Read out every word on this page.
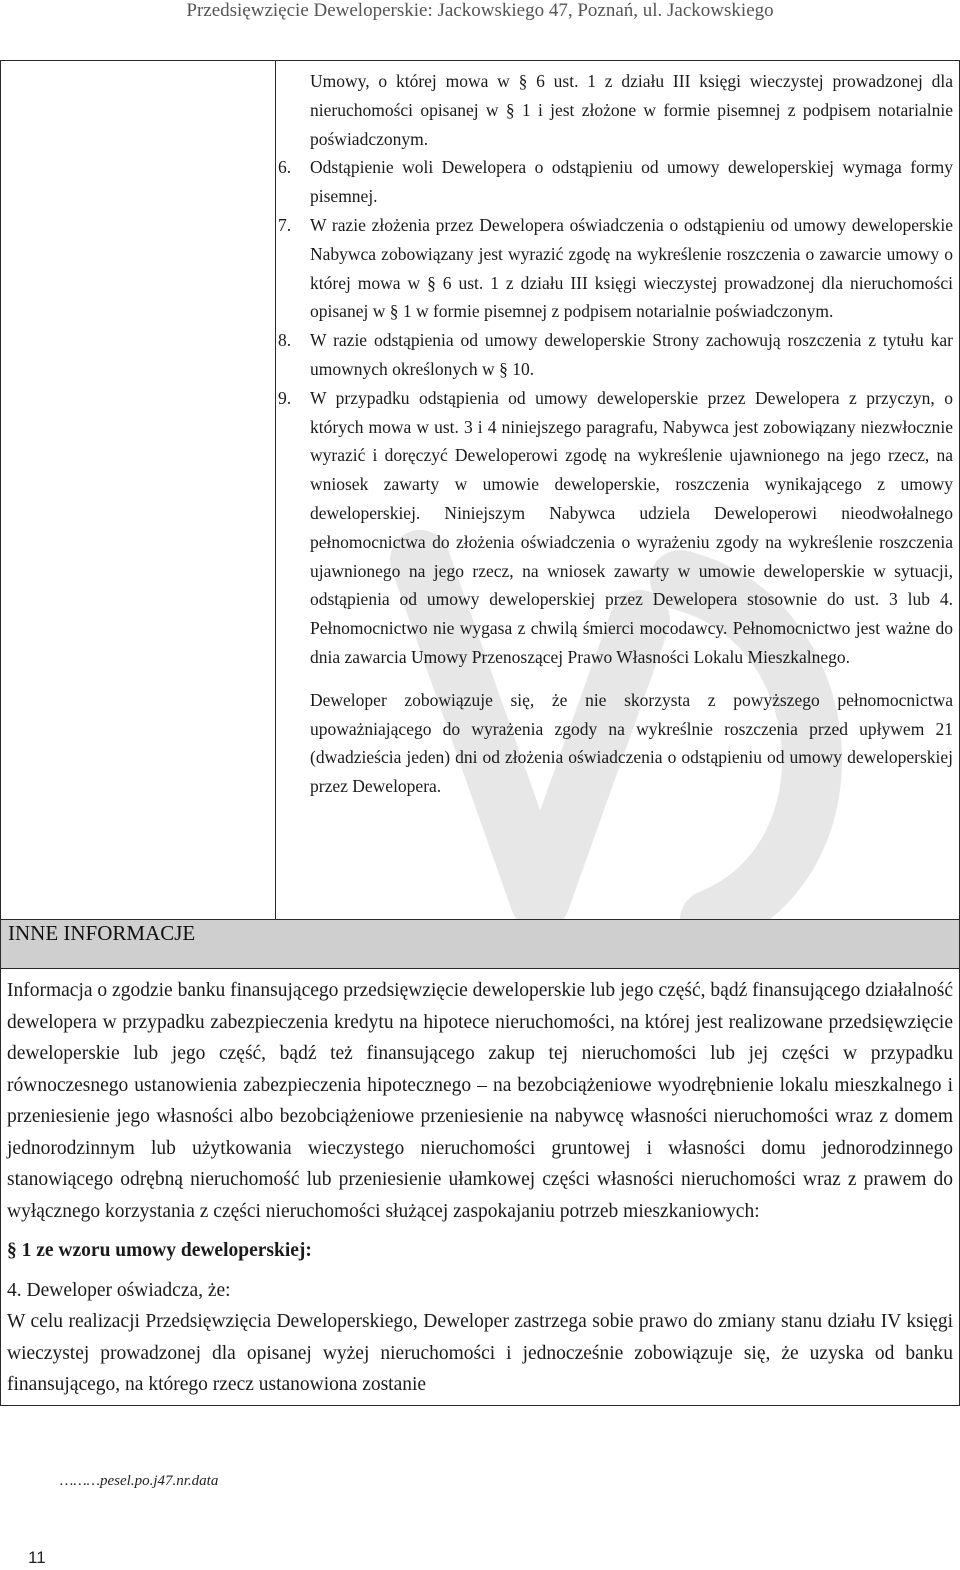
Przedsięwzięcie Deweloperskie: Jackowskiego 47, Poznań, ul. Jackowskiego

Umowy, o której mowa w § 6 ust. 1 z działu III księgi wieczystej prowadzonej dla nieruchomości opisanej w § 1 i jest złożone w formie pisemnej z podpisem notarialnie poświadczonym.
6. Odstąpienie woli Dewelopera o odstąpieniu od umowy deweloperskiej wymaga formy pisemnej.
7. W razie złożenia przez Dewelopera oświadczenia o odstąpieniu od umowy deweloperskie Nabywca zobowiązany jest wyrazić zgodę na wykreślenie roszczenia o zawarcie umowy o której mowa w § 6 ust. 1 z działu III księgi wieczystej prowadzonej dla nieruchomości opisanej w § 1 w formie pisemnej z podpisem notarialnie poświadczonym.
8. W razie odstąpienia od umowy deweloperskie Strony zachowują roszczenia z tytułu kar umownych określonych w § 10.
9. W przypadku odstąpienia od umowy deweloperskie przez Dewelopera z przyczyn, o których mowa w ust. 3 i 4 niniejszego paragrafu, Nabywca jest zobowiązany niezwłocznie wyrazić i doręczyć Deweloperowi zgodę na wykreślenie ujawnionego na jego rzecz, na wniosek zawarty w umowie deweloperskie, roszczenia wynikającego z umowy deweloperskiej. Niniejszym Nabywca udziela Deweloperowi nieodwołalnego pełnomocnictwa do złożenia oświadczenia o wyrażeniu zgody na wykreślenie roszczenia ujawnionego na jego rzecz, na wniosek zawarty w umowie deweloperskie w sytuacji, odstąpienia od umowy deweloperskiej przez Dewelopera stosownie do ust. 3 lub 4. Pełnomocnictwo nie wygasa z chwilą śmierci mocodawcy. Pełnomocnictwo jest ważne do dnia zawarcia Umowy Przenoszącej Prawo Własności Lokalu Mieszkalnego.

Deweloper zobowiązuje się, że nie skorzysta z powyższego pełnomocnictwa upoważniającego do wyrażenia zgody na wykreślnie roszczenia przed upływem 21 (dwadzieścia jeden) dni od złożenia oświadczenia o odstąpieniu od umowy deweloperskiej przez Dewelopera.

Informacja o zgodzie banku finansującego przedsięwzięcie deweloperskie lub jego część, bądź finansującego działalność dewelopera w przypadku zabezpieczenia kredytu na hipotece nieruchomości, na której jest realizowane przedsięwzięcie deweloperskie lub jego część, bądź też finansującego zakup tej nieruchomości lub jej części w przypadku równoczesnego ustanowienia zabezpieczenia hipotecznego – na bezobciążeniowe wyodrębnienie lokalu mieszkalnego i przeniesienie jego własności albo bezobciążeniowe przeniesienie na nabywcę własności nieruchomości wraz z domem jednorodzinnym lub użytkowania wieczystego nieruchomości gruntowej i własności domu jednorodzinnego stanowiącego odrębną nieruchomość lub przeniesienie ułamkowej części własności nieruchomości wraz z prawem do wyłącznego korzystania z części nieruchomości służącej zaspokajaniu potrzeb mieszkaniowych:

§ 1 ze wzoru umowy deweloperskiej:

4. Deweloper oświadcza, że:

W celu realizacji Przedsięwzięcia Deweloperskiego, Deweloper zastrzega sobie prawo do zmiany stanu działu IV księgi wieczystej prowadzonej dla opisanej wyżej nieruchomości i jednocześnie zobowiązuje się, że uzyska od banku finansującego, na którego rzecz ustanowiona zostanie

INNE INFORMACJE
………pesel.po.j47.nr.data
11
